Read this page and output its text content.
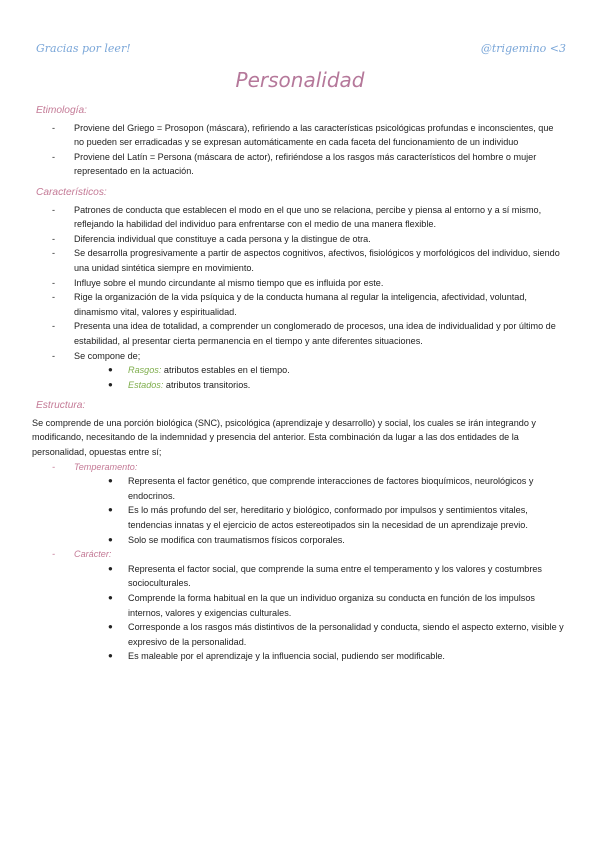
Gracias por leer!	@trigemino <3
Personalidad
Etimología:
- Proviene del Griego = Prosopon (máscara), refiriendo a las características psicológicas profundas e inconscientes, que no pueden ser erradicadas y se expresan automáticamente en cada faceta del funcionamiento de un individuo
- Proviene del Latín = Persona (máscara de actor), refiriéndose a los rasgos más característicos del hombre o mujer representado en la actuación.
Característicos:
- Patrones de conducta que establecen el modo en el que uno se relaciona, percibe y piensa al entorno y a sí mismo, reflejando la habilidad del individuo para enfrentarse con el medio de una manera flexible.
- Diferencia individual que constituye a cada persona y la distingue de otra.
- Se desarrolla progresivamente a partir de aspectos cognitivos, afectivos, fisiológicos y morfológicos del individuo, siendo una unidad sintética siempre en movimiento.
- Influye sobre el mundo circundante al mismo tiempo que es influida por este.
- Rige la organización de la vida psíquica y de la conducta humana al regular la inteligencia, afectividad, voluntad, dinamismo vital, valores y espiritualidad.
- Presenta una idea de totalidad, a comprender un conglomerado de procesos, una idea de individualidad y por último de estabilidad, al presentar cierta permanencia en el tiempo y ante diferentes situaciones.
- Se compone de;
● Rasgos: atributos estables en el tiempo.
● Estados: atributos transitorios.
Estructura:

Se comprende de una porción biológica (SNC), psicológica (aprendizaje y desarrollo) y social, los cuales se irán integrando y modificando, necesitando de la indemnidad y presencia del anterior. Esta combinación da lugar a las dos entidades de la personalidad, opuestas entre sí;

- Temperamento:
● Representa el factor genético, que comprende interacciones de factores bioquímicos, neurológicos y endocrinos.
● Es lo más profundo del ser, hereditario y biológico, conformado por impulsos y sentimientos vitales, tendencias innatas y el ejercicio de actos estereotipados sin la necesidad de un aprendizaje previo.
● Solo se modifica con traumatismos físicos corporales.
- Carácter:
● Representa el factor social, que comprende la suma entre el temperamento y los valores y costumbres socioculturales.
● Comprende la forma habitual en la que un individuo organiza su conducta en función de los impulsos internos, valores y exigencias culturales.
● Corresponde a los rasgos más distintivos de la personalidad y conducta, siendo el aspecto externo, visible y expresivo de la personalidad.
● Es maleable por el aprendizaje y la influencia social, pudiendo ser modificable.
